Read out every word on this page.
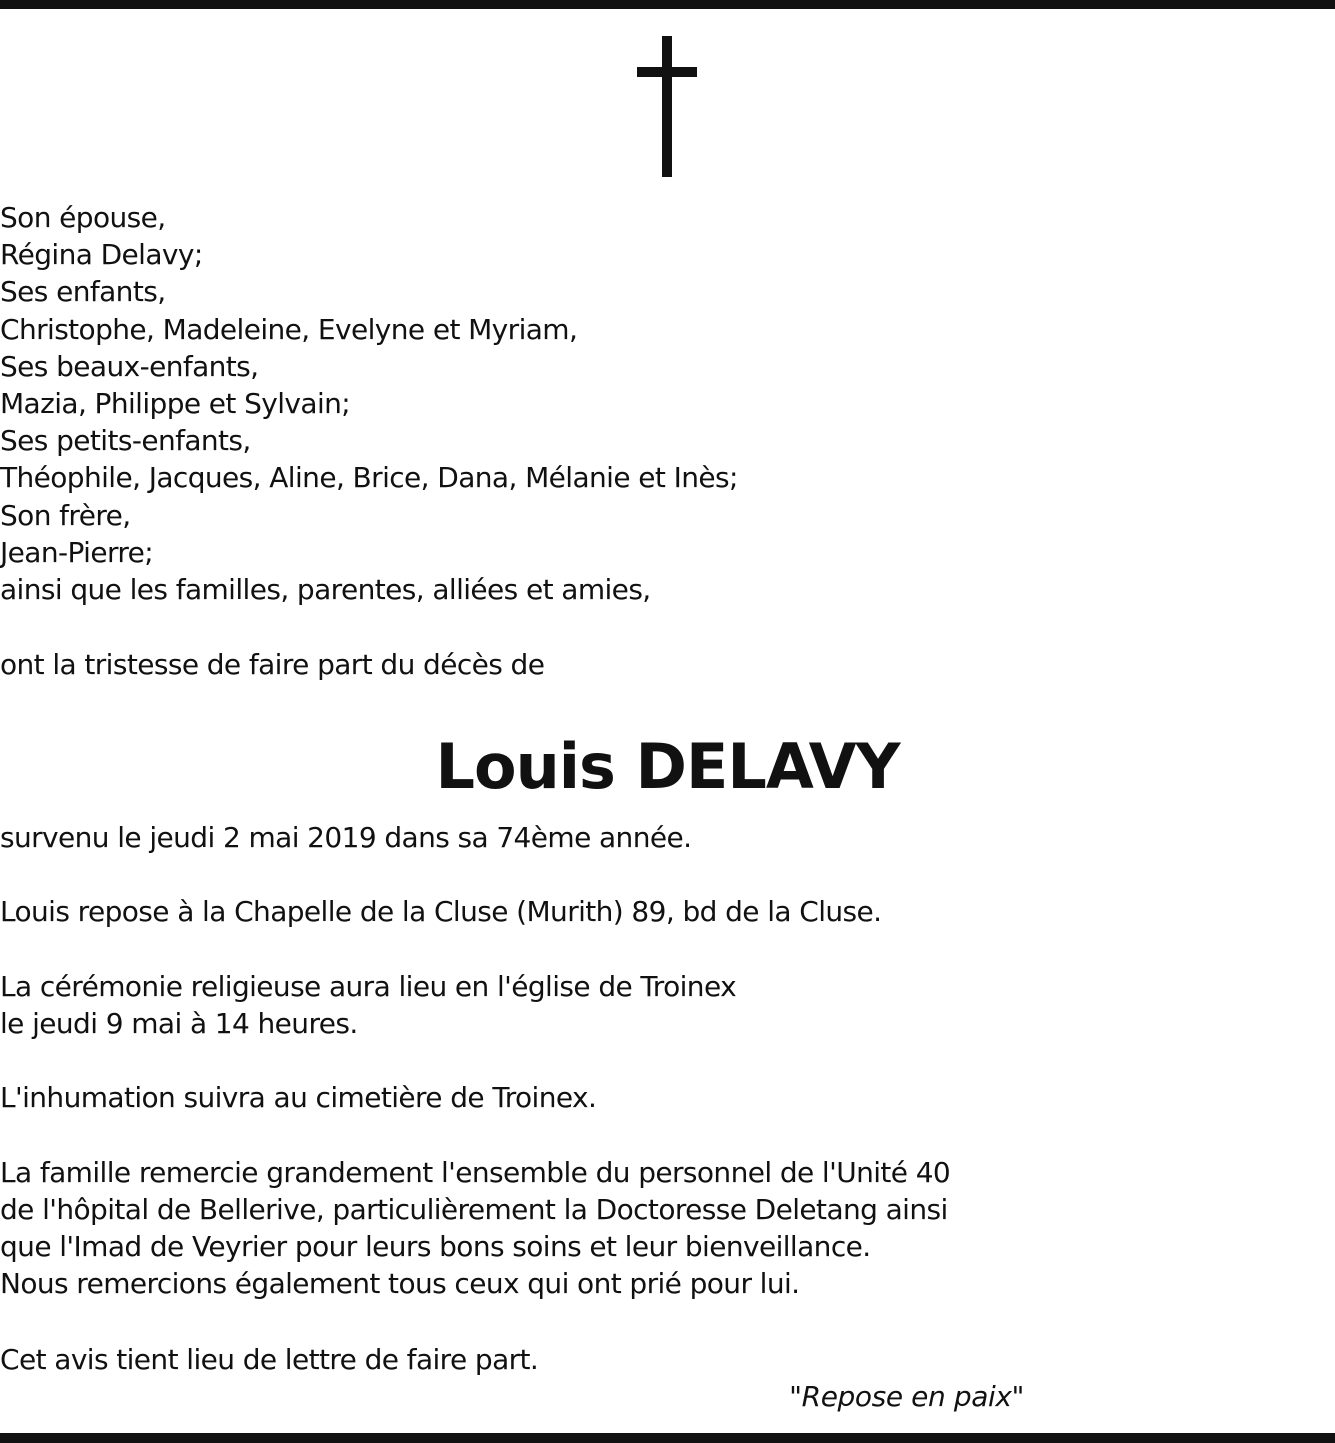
Son épouse,
Régina Delavy;
Ses enfants,
Christophe, Madeleine, Evelyne et Myriam,
Ses beaux-enfants,
Mazia, Philippe et Sylvain;
Ses petits-enfants,
Théophile, Jacques, Aline, Brice, Dana, Mélanie et Inès;
Son frère,
Jean-Pierre;
ainsi que les familles, parentes, alliées et amies,
ont la tristesse de faire part du décès de
Louis DELAVY
survenu le jeudi 2 mai 2019 dans sa 74ème année.
Louis repose à la Chapelle de la Cluse (Murith) 89, bd de la Cluse.
La cérémonie religieuse aura lieu en l'église de Troinex
le jeudi 9 mai à 14 heures.
L'inhumation suivra au cimetière de Troinex.
La famille remercie grandement l'ensemble du personnel de l'Unité 40
de l'hôpital de Bellerive, particulièrement la Doctoresse Deletang ainsi
que l'Imad de Veyrier pour leurs bons soins et leur bienveillance.
Nous remercions également tous ceux qui ont prié pour lui.
Cet avis tient lieu de lettre de faire part.
"Repose en paix"
